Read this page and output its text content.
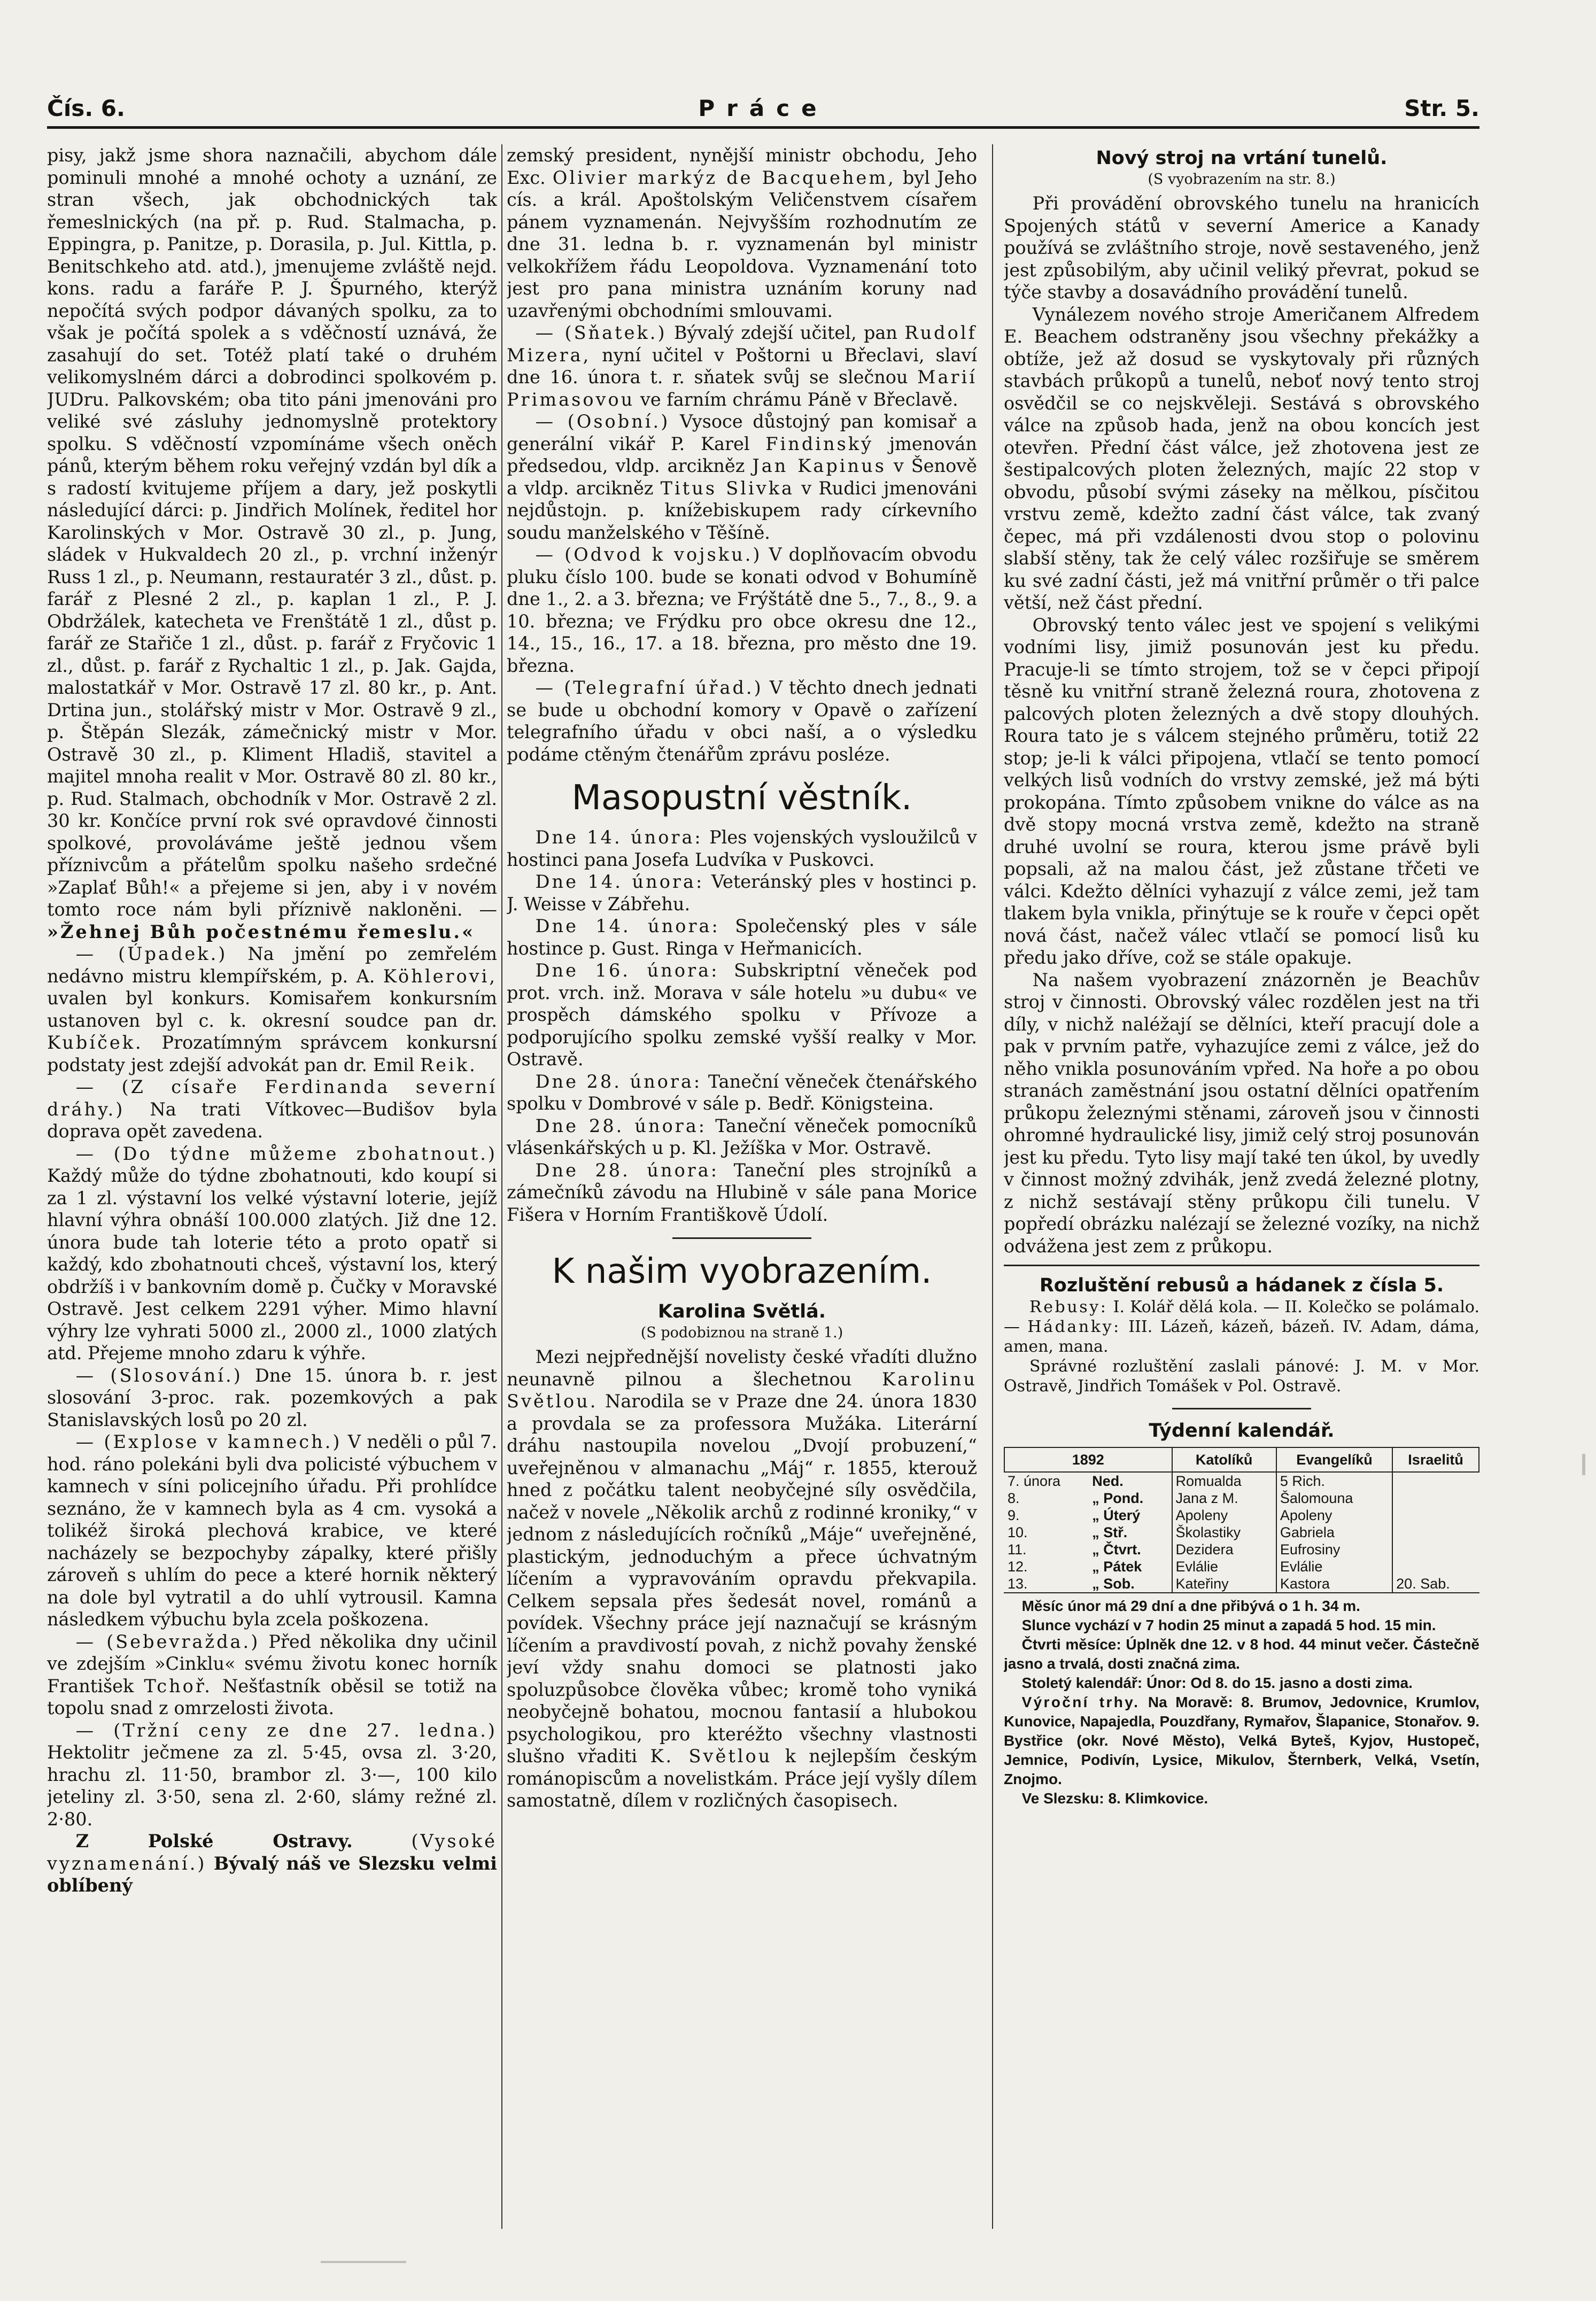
Čís. 6.	Práce	Str. 5.

pisy, jakž jsme shora naznačili, abychom dále pominuli mnohé a mnohé ochoty a uznání, ze stran všech, jak obchodnických tak řemeslnických (na př. p. Rud. Stalmacha, p. Eppingra, p. Panitze, p. Dorasila, p. Jul. Kittla, p. Benitschkeho atd. atd.), jmenujeme zvláště nejd. kons. radu a faráře P. J. Špurného, kterýž nepočítá svých podpor dávaných spolku, za to však je počítá spolek a s vděčností uznává, že zasahují do set. Totéž platí také o druhém velikomyslném dárci a dobrodinci spolkovém p. JUDru. Palkovském; oba tito páni jmenováni pro veliké své zásluhy jednomyslně protektory spolku. S vděčností vzpomínáme všech oněch pánů, kterým během roku veřejný vzdán byl dík a s radostí kvitujeme příjem a dary, jež poskytli následující dárci: p. Jindřich Molínek, ředitel hor Karolinských v Mor. Ostravě 30 zl., p. Jung, sládek v Hukvaldech 20 zl., p. vrchní inženýr Russ 1 zl., p. Neumann, restauratér 3 zl., důst. p. farář z Plesné 2 zl., p. kaplan 1 zl., P. J. Obdržálek, katecheta ve Frenštátě 1 zl., důst p. farář ze Stařiče 1 zl., důst. p. farář z Fryčovic 1 zl., důst. p. farář z Rychaltic 1 zl., p. Jak. Gajda, malostatkář v Mor. Ostravě 17 zl. 80 kr., p. Ant. Drtina jun., stolářský mistr v Mor. Ostravě 9 zl., p. Štěpán Slezák, zámečnický mistr v Mor. Ostravě 30 zl., p. Kliment Hladiš, stavitel a majitel mnoha realit v Mor. Ostravě 80 zl. 80 kr., p. Rud. Stalmach, obchodník v Mor. Ostravě 2 zl. 30 kr. Končíce první rok své opravdové činnosti spolkové, provoláváme ještě jednou všem příznivcům a přátelům spolku našeho srdečné »Zaplať Bůh!« a přejeme si jen, aby i v novém tomto roce nám byli příznivě nakloněni. — »Žehnej Bůh počestnému řemeslu.«

— (Úpadek.) Na jmění po zemřelém nedávno mistru klempířském, p. A. Köhlerovi, uvalen byl konkurs. Komisařem konkursním ustanoven byl c. k. okresní soudce pan dr. Kubíček. Prozatímným správcem konkursní podstaty jest zdejší advokát pan dr. Emil Reik.

— (Z císaře Ferdinanda severní dráhy.) Na trati Vítkovec—Budišov byla doprava opět zavedena.

— (Do týdne můžeme zbohatnout.) Každý může do týdne zbohatnouti, kdo koupí si za 1 zl. výstavní los velké výstavní loterie, jejíž hlavní výhra obnáší 100.000 zlatých. Již dne 12. února bude tah loterie této a proto opatř si každý, kdo zbohatnouti chceš, výstavní los, který obdržíš i v bankovním domě p. Čučky v Moravské Ostravě. Jest celkem 2291 výher. Mimo hlavní výhry lze vyhrati 5000 zl., 2000 zl., 1000 zlatých atd. Přejeme mnoho zdaru k výhře.

— (Slosování.) Dne 15. února b. r. jest slosování 3-proc. rak. pozemkových a pak Stanislavských losů po 20 zl.

— (Explose v kamnech.) V neděli o půl 7. hod. ráno polekáni byli dva policisté výbuchem v kamnech v síni policejního úřadu. Při prohlídce seznáno, že v kamnech byla as 4 cm. vysoká a tolikéž široká plechová krabice, ve které nacházely se bezpochyby zápalky, které přišly zároveň s uhlím do pece a které hornik některý na dole byl vytratil a do uhlí vytrousil. Kamna následkem výbuchu byla zcela poškozena.

— (Sebevražda.) Před několika dny učinil ve zdejším »Cinklu« svému životu konec horník František Tchoř. Nešťastník oběsil se totiž na topolu snad z omrzelosti života.

— (Tržní ceny ze dne 27. ledna.) Hektolitr ječmene za zl. 5·45, ovsa zl. 3·20, hrachu zl. 11·50, brambor zl. 3·—, 100 kilo jeteliny zl. 3·50, sena zl. 2·60, slámy režné zl. 2·80.

Z Polské Ostravy.	(Vysoké vyznamenání.) Bývalý náš ve Slezsku velmi oblíbený

zemský president, nynější ministr obchodu, Jeho Exc. Olivier markýz de Bacquehem, byl Jeho cís. a král. Apoštolským Veličenstvem císařem pánem vyznamenán. Nejvyšším rozhodnutím ze dne 31. ledna b. r. vyznamenán byl ministr velkokřížem řádu Leopoldova. Vyznamenání toto jest pro pana ministra uznáním koruny nad uzavřenými obchodními smlouvami.

— (Sňatek.) Bývalý zdejší učitel, pan Rudolf Mizera, nyní učitel v Poštorni u Břeclavi, slaví dne 16. února t. r. sňatek svůj se slečnou Marií Primasovou ve farním chrámu Páně v Břeclavě.

— (Osobní.) Vysoce důstojný pan komisař a generální vikář P. Karel Findinský jmenován předsedou, vldp. arcikněz Jan Kapinus v Šenově a vldp. arcikněz Titus Slivka v Rudici jmenováni nejdůstojn. p. knížebiskupem rady církevního soudu manželského v Těšíně.

— (Odvod k vojsku.) V doplňovacím obvodu pluku číslo 100. bude se konati odvod v Bohumíně dne 1., 2. a 3. března; ve Frýštátě dne 5., 7., 8., 9. a 10. března; ve Frýdku pro obce okresu dne 12., 14., 15., 16., 17. a 18. března, pro město dne 19. března.

— (Telegrafní úřad.) V těchto dnech jednati se bude u obchodní komory v Opavě o zařízení telegrafního úřadu v obci naší, a o výsledku podáme ctěným čtenářům zprávu posléze.

Masopustní věstník.

Dne 14. února: Ples vojenských vysloužilců v hostinci pana Josefa Ludvíka v Puskovci.

Dne 14. února: Veteránský ples v hostinci p. J. Weisse v Zábřehu.

Dne 14. února: Společenský ples v sále hostince p. Gust. Ringa v Heřmanicích.

Dne 16. února: Subskriptní věneček pod prot. vrch. inž. Morava v sále hotelu »u dubu« ve prospěch dámského spolku v Přívoze a podporujícího spolku zemské vyšší realky v Mor. Ostravě.

Dne 28. února: Taneční věneček čtenářského spolku v Dombrové v sále p. Bedř. Königsteina.

Dne 28. února: Taneční věneček pomocníků vlásenkářských u p. Kl. Ježíška v Mor. Ostravě.

Dne 28. února: Taneční ples strojníků a zámečníků závodu na Hlubině v sále pana Morice Fišera v Horním Františkově Údolí.

K našim vyobrazením.
Karolina Světlá.
(S podobiznou na straně 1.)

Mezi nejpřednější novelisty české vřadíti dlužno neunavně pilnou a šlechetnou Karolinu Světlou. Narodila se v Praze dne 24. února 1830 a provdala se za professora Mužáka. Literární dráhu nastoupila novelou „Dvojí probuzení,“ uveřejněnou v almanachu „Máj“ r. 1855, kterouž hned z počátku talent neobyčejné síly osvědčila, načež v novele „Několik archů z rodinné kroniky,“ v jednom z následujících ročníků „Máje“ uveřejněné, plastickým, jednoduchým a přece úchvatným líčením a vypravováním opravdu překvapila. Celkem sepsala přes šedesát novel, románů a povídek. Všechny práce její naznačují se krásným líčením a pravdivostí povah, z nichž povahy ženské jeví vždy snahu domoci se platnosti jako spoluzpůsobce člověka vůbec; kromě toho vyniká neobyčejně bohatou, mocnou fantasií a hlubokou psychologikou, pro kteréžto všechny vlastnosti slušno vřaditi K. Světlou k nejlepším českým románopiscům a novelistkám. Práce její vyšly dílem samostatně, dílem v rozličných časopisech.

Nový stroj na vrtání tunelů.
(S vyobrazením na str. 8.)

Při provádění obrovského tunelu na hranicích Spojených států v severní Americe a Kanady používá se zvláštního stroje, nově sestaveného, jenž jest způsobilým, aby učinil veliký převrat, pokud se týče stavby a dosavádního provádění tunelů.

Vynálezem nového stroje Američanem Alfredem E. Beachem odstraněny jsou všechny překážky a obtíže, jež až dosud se vyskytovaly při různých stavbách průkopů a tunelů, neboť nový tento stroj osvědčil se co nejskvěleji. Sestává s obrovského válce na způsob hada, jenž na obou koncích jest otevřen. Přední část válce, jež zhotovena jest ze šestipalcových ploten železných, majíc 22 stop v obvodu, působí svými záseky na mělkou, písčitou vrstvu země, kdežto zadní část válce, tak zvaný čepec, má při vzdálenosti dvou stop o polovinu slabší stěny, tak že celý válec rozšiřuje se směrem ku své zadní části, jež má vnitřní průměr o tři palce větší, než část přední.

Obrovský tento válec jest ve spojení s velikými vodními lisy, jimiž posunován jest ku předu. Pracuje-li se tímto strojem, tož se v čepci připojí těsně ku vnitřní straně železná roura, zhotovena z palcových ploten železných a dvě stopy dlouhých. Roura tato je s válcem stejného průměru, totiž 22 stop; je-li k válci připojena, vtlačí se tento pomocí velkých lisů vodních do vrstvy zemské, jež má býti prokopána. Tímto způsobem vnikne do válce as na dvě stopy mocná vrstva země, kdežto na straně druhé uvolní se roura, kterou jsme právě byli popsali, až na malou část, jež zůstane třčeti ve válci. Kdežto dělníci vyhazují z válce zemi, jež tam tlakem byla vnikla, přinýtuje se k rouře v čepci opět nová část, načež válec vtlačí se pomocí lisů ku předu jako dříve, což se stále opakuje.

Na našem vyobrazení znázorněn je Beachův stroj v činnosti. Obrovský válec rozdělen jest na tři díly, v nichž naléžají se dělníci, kteří pracují dole a pak v prvním patře, vyhazujíce zemi z válce, jež do něho vnikla posunováním vpřed. Na hoře a po obou stranách zaměstnání jsou ostatní dělníci opatřením průkopu železnými stěnami, zároveň jsou v činnosti ohromné hydraulické lisy, jimiž celý stroj posunován jest ku předu. Tyto lisy mají také ten úkol, by uvedly v činnost možný zdvihák, jenž zvedá železné plotny, z nichž sestávají stěny průkopu čili tunelu. V popředí obrázku nalézají se železné vozíky, na nichž odvážena jest zem z průkopu.

Rozluštění rebusů a hádanek z čísla 5.

Rebusy: I. Kolář dělá kola. — II. Kolečko se polámalo. — Hádanky: III. Lázeň, kázeň, bázeň. IV. Adam, dáma, amen, mana.

Správné rozluštění zaslali pánové: J. M. v Mor. Ostravě, Jindřich Tomášek v Pol. Ostravě.

Týdenní kalendář.
1892		Katolíků	Evangelíků	Israelitů
7. února	Ned.	Romualda	5 Rich.	
8.	„ Pond.	Jana z M.	Šalomouna	
9.	„ Úterý	Apoleny	Apoleny	
10.	„ Stř.	Školastiky	Gabriela	
11.	„ Čtvrt.	Dezidera	Eufrosiny	
12.	„ Pátek	Evlálie	Evlálie	
13.	„ Sob.	Kateřiny	Kastora	20. Sab.

Měsíc únor má 29 dní a dne přibývá o 1 h. 34 m.

Slunce vychází v 7 hodin 25 minut a zapadá 5 hod. 15 min.

Čtvrti měsíce: Úplněk dne 12. v 8 hod. 44 minut večer. Částečně jasno a trvalá, dosti značná zima.

Stoletý kalendář: Únor: Od 8. do 15. jasno a dosti zima.

Výroční trhy. Na Moravě: 8. Brumov, Jedovnice, Krumlov, Kunovice, Napajedla, Pouzdřany, Rymařov, Šlapanice, Stonařov. 9. Bystřice (okr. Nové Město), Velká Byteš, Kyjov, Hustopeč, Jemnice, Podivín, Lysice, Mikulov, Šternberk, Velká, Vsetín, Znojmo.

Ve Slezsku: 8. Klimkovice.
